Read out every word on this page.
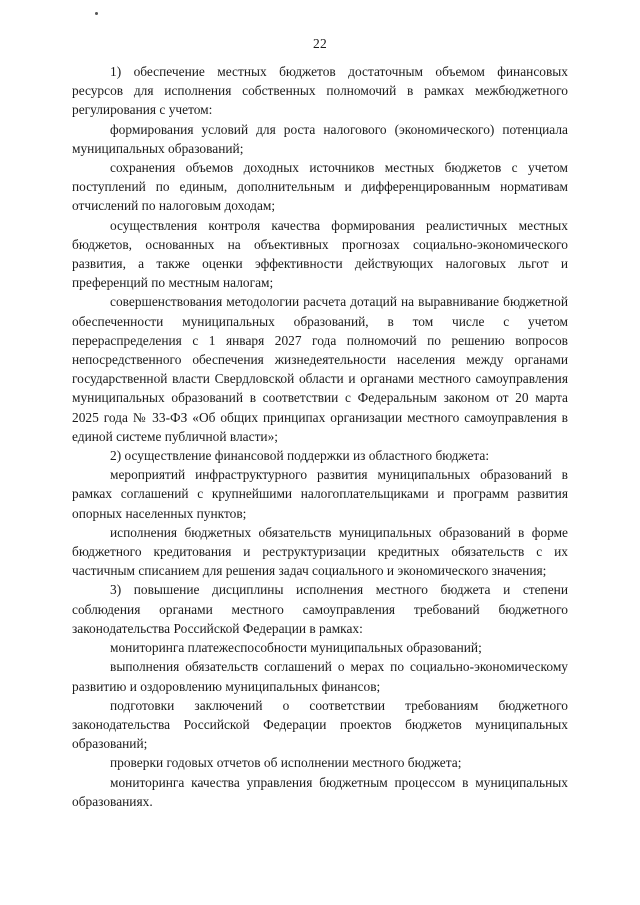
22

1) обеспечение местных бюджетов достаточным объемом финансовых ресурсов для исполнения собственных полномочий в рамках межбюджетного регулирования с учетом:

формирования условий для роста налогового (экономического) потенциала муниципальных образований;

сохранения объемов доходных источников местных бюджетов с учетом поступлений по единым, дополнительным и дифференцированным нормативам отчислений по налоговым доходам;

осуществления контроля качества формирования реалистичных местных бюджетов, основанных на объективных прогнозах социально-экономического развития, а также оценки эффективности действующих налоговых льгот и преференций по местным налогам;

совершенствования методологии расчета дотаций на выравнивание бюджетной обеспеченности муниципальных образований, в том числе с учетом перераспределения с 1 января 2027 года полномочий по решению вопросов непосредственного обеспечения жизнедеятельности населения между органами государственной власти Свердловской области и органами местного самоуправления муниципальных образований в соответствии с Федеральным законом от 20 марта 2025 года № 33-ФЗ «Об общих принципах организации местного самоуправления в единой системе публичной власти»;

2) осуществление финансовой поддержки из областного бюджета:

мероприятий инфраструктурного развития муниципальных образований в рамках соглашений с крупнейшими налогоплательщиками и программ развития опорных населенных пунктов;

исполнения бюджетных обязательств муниципальных образований в форме бюджетного кредитования и реструктуризации кредитных обязательств с их частичным списанием для решения задач социального и экономического значения;

3) повышение дисциплины исполнения местного бюджета и степени соблюдения органами местного самоуправления требований бюджетного законодательства Российской Федерации в рамках:

мониторинга платежеспособности муниципальных образований;

выполнения обязательств соглашений о мерах по социально-экономическому развитию и оздоровлению муниципальных финансов;

подготовки заключений о соответствии требованиям бюджетного законодательства Российской Федерации проектов бюджетов муниципальных образований;

проверки годовых отчетов об исполнении местного бюджета;

мониторинга качества управления бюджетным процессом в муниципальных образованиях.
